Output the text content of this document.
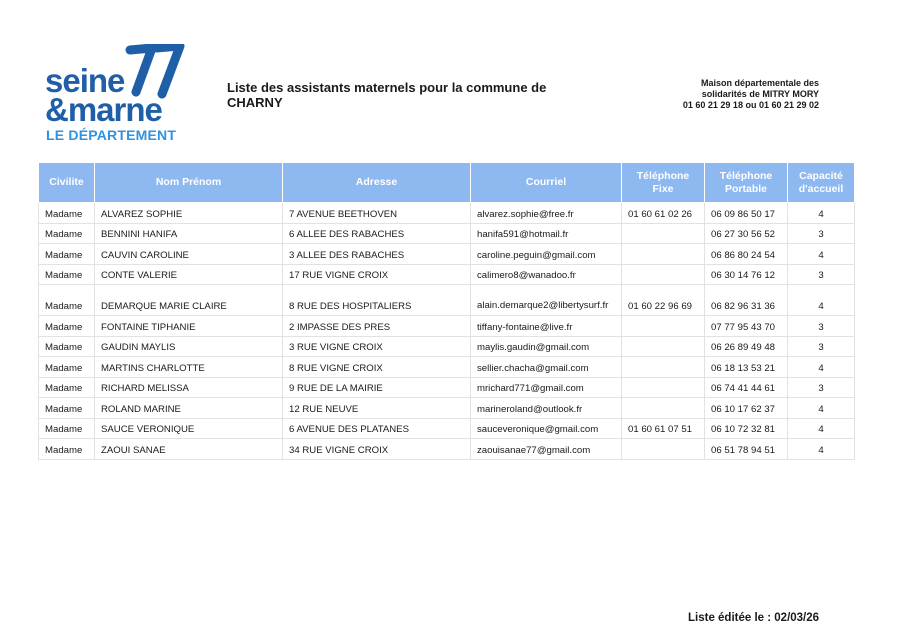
seine
&marne
LE DÉPARTEMENT
Liste des assistants maternels pour la commune de
CHARNY
Maison départementale des
solidarités de MITRY MORY
01 60 21 29 18 ou 01 60 21 29 02
Civilite	Nom Prénom	Adresse	Courriel	Téléphone Fixe	Téléphone Portable	Capacité d'accueil
Madame	ALVAREZ SOPHIE	7 AVENUE BEETHOVEN	alvarez.sophie@free.fr	01 60 61 02 26	06 09 86 50 17	4
Madame	BENNINI HANIFA	6 ALLEE DES RABACHES	hanifa591@hotmail.fr		06 27 30 56 52	3
Madame	CAUVIN CAROLINE	3 ALLEE DES RABACHES	caroline.peguin@gmail.com		06 86 80 24 54	4
Madame	CONTE VALERIE	17 RUE VIGNE CROIX	calimero8@wanadoo.fr		06 30 14 76 12	3
Madame	DEMARQUE MARIE CLAIRE	8 RUE DES HOSPITALIERS	alain.demarque2@libertysurf.fr	01 60 22 96 69	06 82 96 31 36	4
Madame	FONTAINE TIPHANIE	2 IMPASSE DES PRES	tiffany-fontaine@live.fr		07 77 95 43 70	3
Madame	GAUDIN MAYLIS	3 RUE VIGNE CROIX	maylis.gaudin@gmail.com		06 26 89 49 48	3
Madame	MARTINS CHARLOTTE	8 RUE VIGNE CROIX	sellier.chacha@gmail.com		06 18 13 53 21	4
Madame	RICHARD MELISSA	9 RUE DE LA MAIRIE	mrichard771@gmail.com		06 74 41 44 61	3
Madame	ROLAND MARINE	12 RUE NEUVE	marineroland@outlook.fr		06 10 17 62 37	4
Madame	SAUCE VERONIQUE	6 AVENUE DES PLATANES	sauceveronique@gmail.com	01 60 61 07 51	06 10 72 32 81	4
Madame	ZAOUI SANAE	34 RUE VIGNE CROIX	zaouisanae77@gmail.com		06 51 78 94 51	4
Liste éditée le : 02/03/26
